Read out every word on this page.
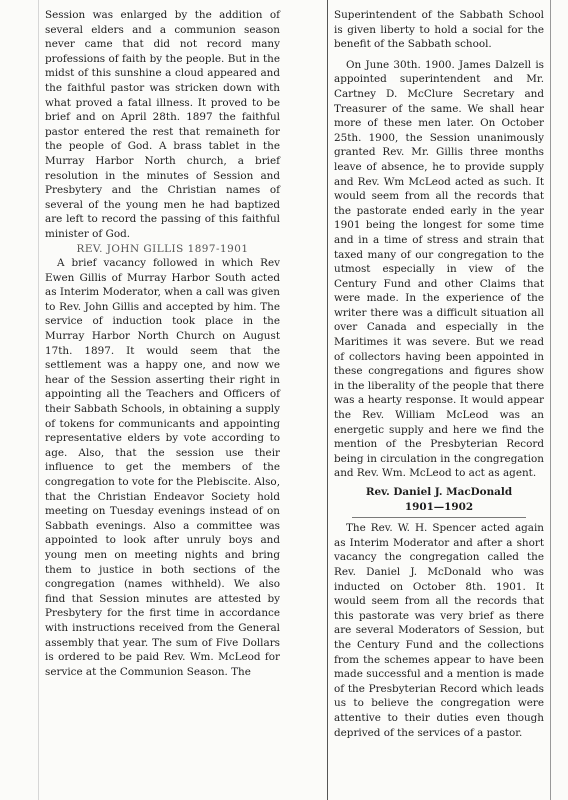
Session was enlarged by the addition of several elders and a communion season never came that did not record many professions of faith by the people. But in the midst of this sunshine a cloud appeared and the faithful pastor was stricken down with what proved a fatal illness. It proved to be brief and on April 28th. 1897 the faithful pastor entered the rest that remaineth for the people of God. A brass tablet in the Murray Harbor North church, a brief resolution in the minutes of Session and Presbytery and the Christian names of several of the young men he had baptized are left to record the passing of this faithful minister of God.

REV. JOHN GILLIS 1897-1901

A brief vacancy followed in which Rev Ewen Gillis of Murray Harbor South acted as Interim Moderator, when a call was given to Rev. John Gillis and accepted by him. The service of induction took place in the Murray Harbor North Church on August 17th. 1897. It would seem that the settlement was a happy one, and now we hear of the Session asserting their right in appointing all the Teachers and Officers of their Sabbath Schools, in obtaining a supply of tokens for communicants and appointing representative elders by vote according to age. Also, that the session use their influence to get the members of the congregation to vote for the Plebiscite. Also, that the Christian Endeavor Society hold meeting on Tuesday evenings instead of on Sabbath evenings. Also a committee was appointed to look after unruly boys and young men on meeting nights and bring them to justice in both sections of the congregation (names withheld). We also find that Session minutes are attested by Presbytery for the first time in accordance with instructions received from the General assembly that year. The sum of Five Dollars is ordered to be paid Rev. Wm. McLeod for service at the Communion Season. The

Superintendent of the Sabbath School is given liberty to hold a social for the benefit of the Sabbath school.

On June 30th. 1900. James Dalzell is appointed superintendent and Mr. Cartney D. McClure Secretary and Treasurer of the same. We shall hear more of these men later. On October 25th. 1900, the Session unanimously granted Rev. Mr. Gillis three months leave of absence, he to provide supply and Rev. Wm McLeod acted as such. It would seem from all the records that the pastorate ended early in the year 1901 being the longest for some time and in a time of stress and strain that taxed many of our congregation to the utmost especially in view of the Century Fund and other Claims that were made. In the experience of the writer there was a difficult situation all over Canada and especially in the Maritimes it was severe. But we read of collectors having been appointed in these congregations and figures show in the liberality of the people that there was a hearty response. It would appear the Rev. William McLeod was an energetic supply and here we find the mention of the Presbyterian Record being in circulation in the congregation and Rev. Wm. McLeod to act as agent.

Rev. Daniel J. MacDonald

1901—1902

The Rev. W. H. Spencer acted again as Interim Moderator and after a short vacancy the congregation called the Rev. Daniel J. McDonald who was inducted on October 8th. 1901. It would seem from all the records that this pastorate was very brief as there are several Moderators of Session, but the Century Fund and the collections from the schemes appear to have been made successful and a mention is made of the Presbyterian Record which leads us to believe the congregation were attentive to their duties even though deprived of the services of a pastor.
